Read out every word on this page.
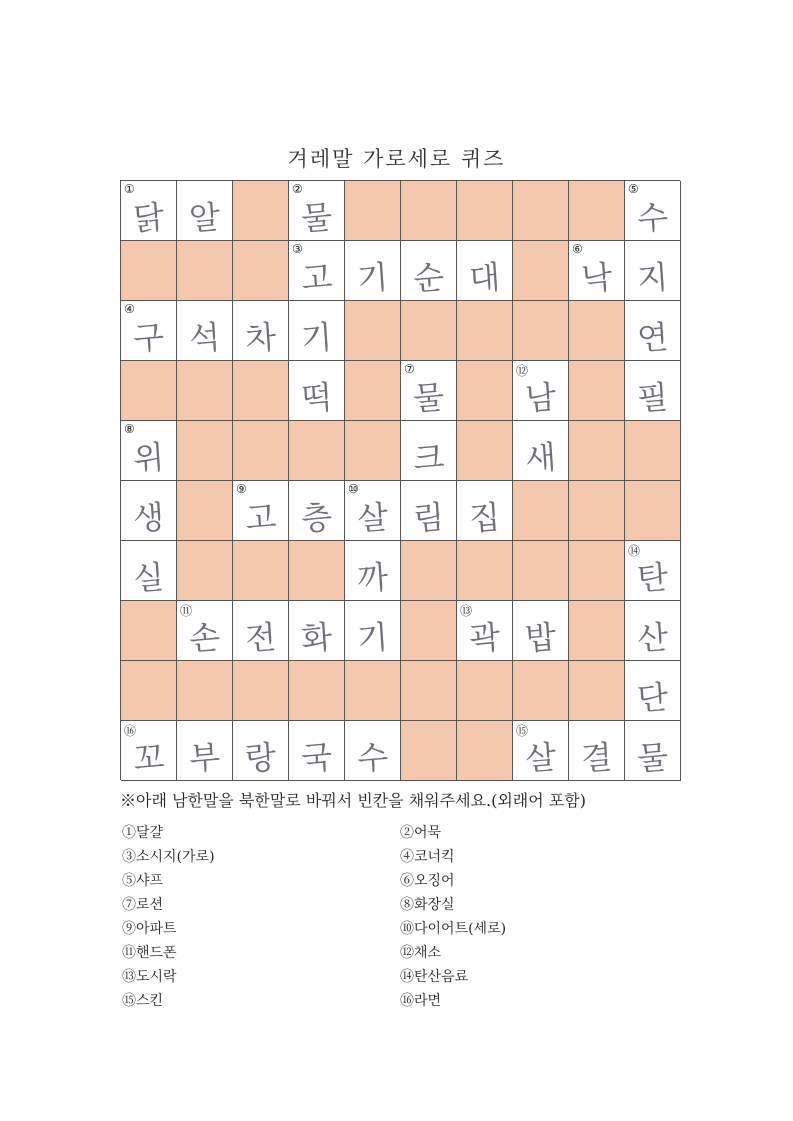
겨레말 가로세로 퀴즈
①
닭 알
②
물
⑤
수
③
고 기 순 대
⑥
낙 지
④
구 석 차 기	연
떡
⑦
물
⑫
남	필
⑧
위	크	새
생
⑨
고 층
⑩
살 림 집
실	까
⑭
탄
⑪
손 전 화 기
⑬
곽 밥	산
단
⑯
꼬 부 랑 국 수
⑮
살 결 물
※아래 남한말을 북한말로 바꿔서 빈칸을 채워주세요.(외래어 포함)
①달걀	②어묵
③소시지(가로)	④코너킥
⑤샤프	⑥오징어
⑦로션	⑧화장실
⑨아파트	⑩다이어트(세로)
⑪핸드폰	⑫채소
⑬도시락	⑭탄산음료
⑮스킨	⑯라면
